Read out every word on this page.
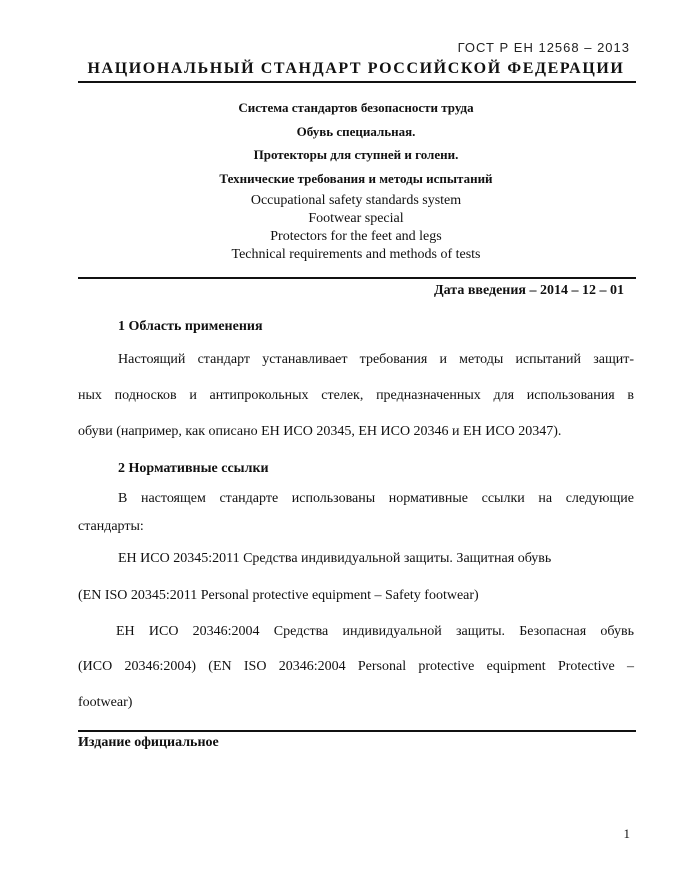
ГОСТ Р ЕН 12568 – 2013
НАЦИОНАЛЬНЫЙ СТАНДАРТ РОССИЙСКОЙ ФЕДЕРАЦИИ
Система стандартов безопасности труда
Обувь специальная.
Протекторы для ступней и голени.
Технические требования и методы испытаний
Occupational safety standards system
Footwear special
Protectors for the feet and legs
Technical requirements and methods of tests
Дата введения – 2014 – 12 – 01
1 Область применения
Настоящий стандарт устанавливает требования и методы испытаний защит-
ных подносков и антипрокольных стелек, предназначенных для использования в
обуви (например, как описано ЕН ИСО 20345, ЕН ИСО 20346 и ЕН ИСО 20347).
2 Нормативные ссылки
В настоящем стандарте использованы нормативные ссылки на следующие
стандарты:
ЕН ИСО 20345:2011 Средства индивидуальной защиты. Защитная обувь
(EN ISO 20345:2011 Personal protective equipment – Safety footwear)
ЕН ИСО 20346:2004 Средства индивидуальной защиты. Безопасная обувь
(ИСО 20346:2004) (EN ISO 20346:2004 Personal protective equipment Protective –
footwear)
Издание официальное
1
